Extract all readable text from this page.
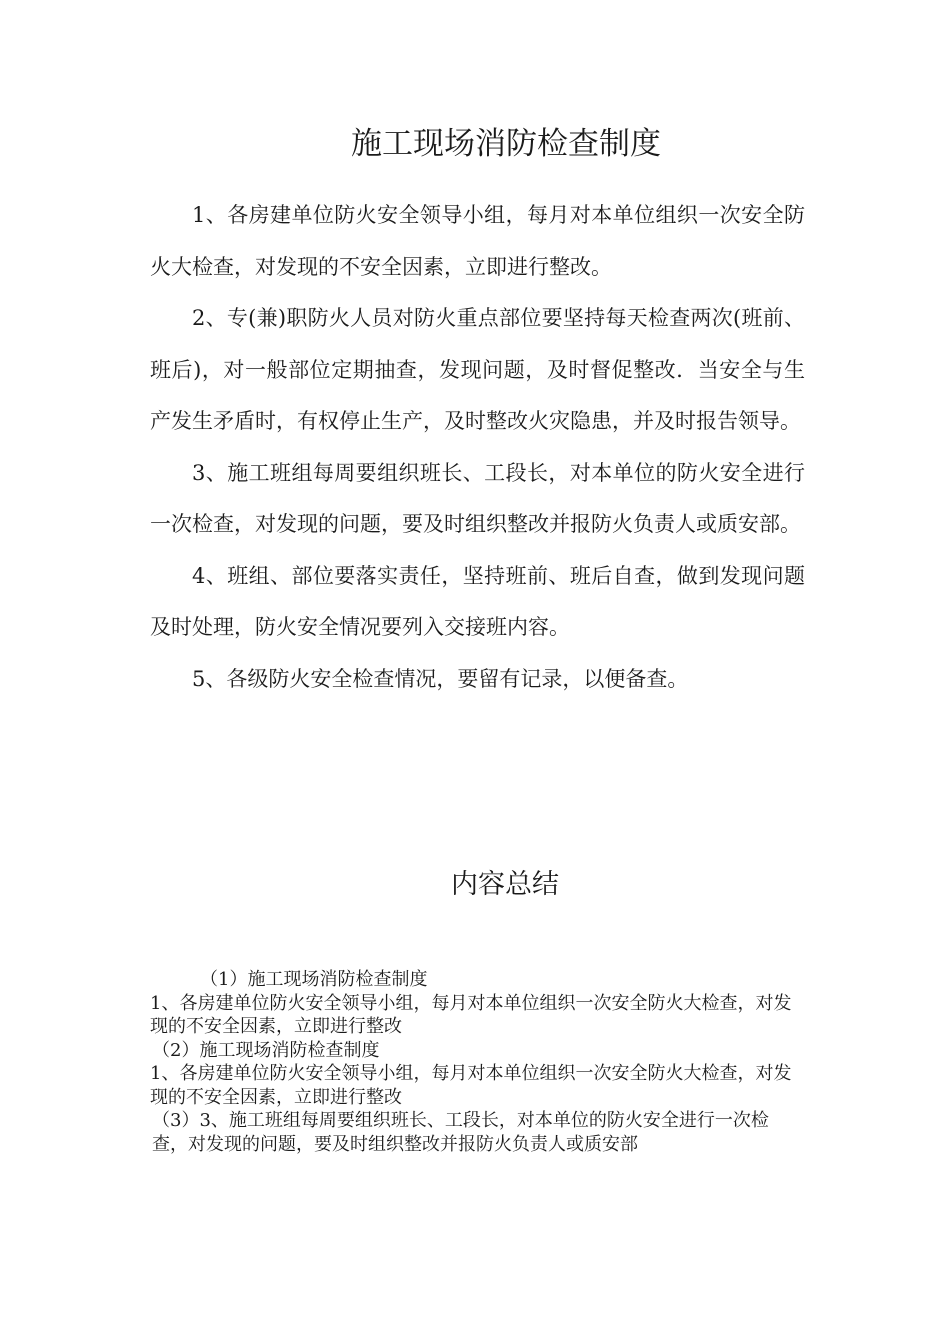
施工现场消防检查制度

1、各房建单位防火安全领导小组，每月对本单位组织一次安全防火大检查，对发现的不安全因素，立即进行整改。

2、专(兼)职防火人员对防火重点部位要坚持每天检查两次(班前、班后)，对一般部位定期抽查，发现问题，及时督促整改．当安全与生产发生矛盾时，有权停止生产，及时整改火灾隐患，并及时报告领导。

3、施工班组每周要组织班长、工段长，对本单位的防火安全进行一次检查，对发现的问题，要及时组织整改并报防火负责人或质安部。

4、班组、部位要落实责任，坚持班前、班后自查，做到发现问题及时处理，防火安全情况要列入交接班内容。

5、各级防火安全检查情况，要留有记录，以便备查。

内容总结

（1）施工现场消防检查制度

1、各房建单位防火安全领导小组，每月对本单位组织一次安全防火大检查，对发现的不安全因素，立即进行整改

（2）施工现场消防检查制度

1、各房建单位防火安全领导小组，每月对本单位组织一次安全防火大检查，对发现的不安全因素，立即进行整改

（3）3、施工班组每周要组织班长、工段长，对本单位的防火安全进行一次检查，对发现的问题，要及时组织整改并报防火负责人或质安部
